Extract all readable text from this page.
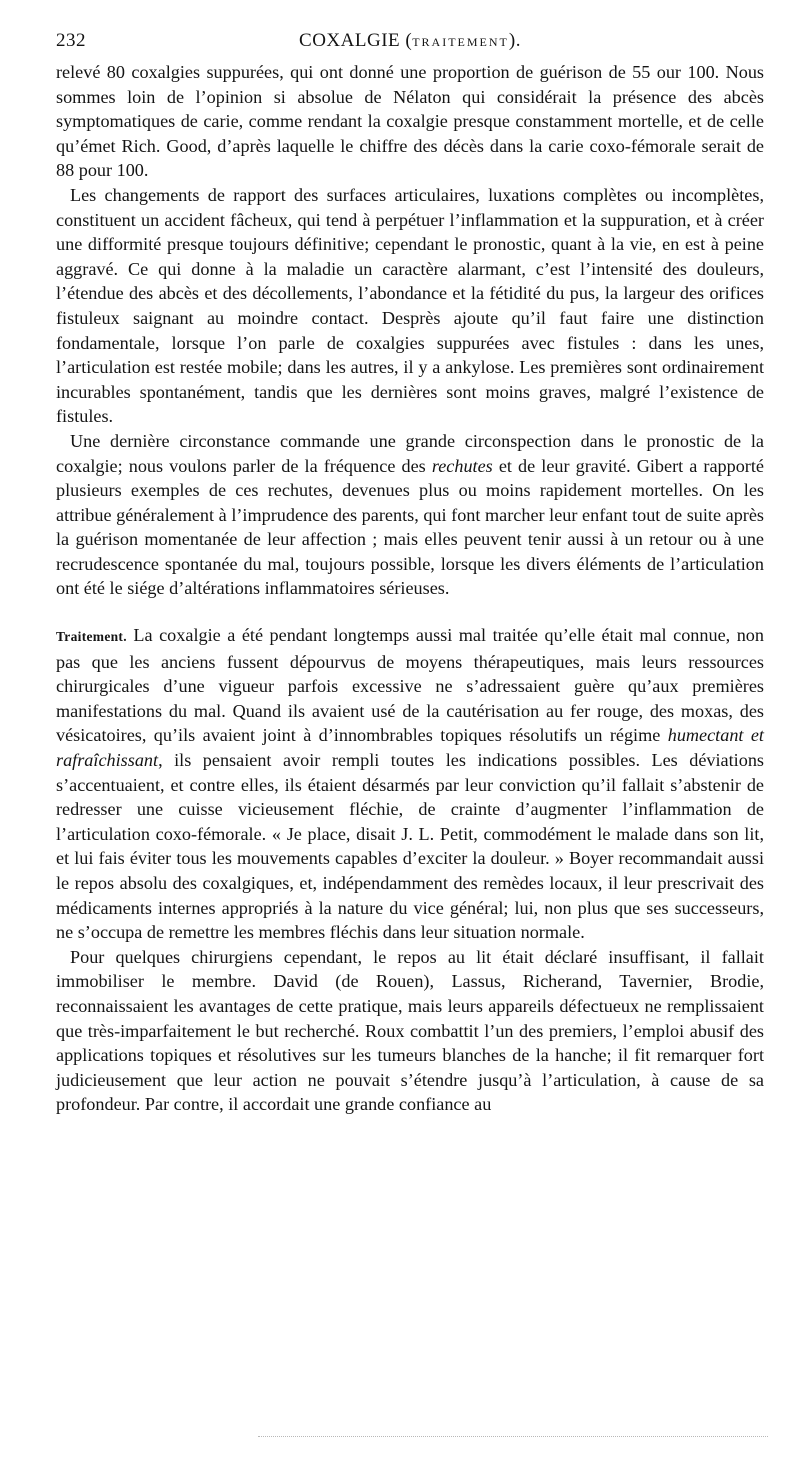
232	COXALGIE (TRAITEMENT).

relevé 80 coxalgies suppurées, qui ont donné une proportion de guérison de 55 our 100. Nous sommes loin de l’opinion si absolue de Nélaton qui considérait la présence des abcès symptomatiques de carie, comme rendant la coxalgie presque constamment mortelle, et de celle qu’émet Rich. Good, d’après laquelle le chiffre des décès dans la carie coxo-fémorale serait de 88 pour 100.

Les changements de rapport des surfaces articulaires, luxations complètes ou incomplètes, constituent un accident fâcheux, qui tend à perpétuer l’inflammation et la suppuration, et à créer une difformité presque toujours définitive; cependant le pronostic, quant à la vie, en est à peine aggravé. Ce qui donne à la maladie un caractère alarmant, c’est l’intensité des douleurs, l’étendue des abcès et des décollements, l’abondance et la fétidité du pus, la largeur des orifices fistuleux saignant au moindre contact. Desprès ajoute qu’il faut faire une distinction fondamentale, lorsque l’on parle de coxalgies suppurées avec fistules : dans les unes, l’articulation est restée mobile; dans les autres, il y a ankylose. Les premières sont ordinairement incurables spontanément, tandis que les dernières sont moins graves, malgré l’existence de fistules.

Une dernière circonstance commande une grande circonspection dans le pronostic de la coxalgie; nous voulons parler de la fréquence des rechutes et de leur gravité. Gibert a rapporté plusieurs exemples de ces rechutes, devenues plus ou moins rapidement mortelles. On les attribue généralement à l’imprudence des parents, qui font marcher leur enfant tout de suite après la guérison momentanée de leur affection ; mais elles peuvent tenir aussi à un retour ou à une recrudescence spontanée du mal, toujours possible, lorsque les divers éléments de l’articulation ont été le siége d’altérations inflammatoires sérieuses.

Traitement. La coxalgie a été pendant longtemps aussi mal traitée qu’elle était mal connue, non pas que les anciens fussent dépourvus de moyens thérapeutiques, mais leurs ressources chirurgicales d’une vigueur parfois excessive ne s’adressaient guère qu’aux premières manifestations du mal. Quand ils avaient usé de la cautérisation au fer rouge, des moxas, des vésicatoires, qu’ils avaient joint à d’innombrables topiques résolutifs un régime humectant et rafraîchissant, ils pensaient avoir rempli toutes les indications possibles. Les déviations s’accentuaient, et contre elles, ils étaient désarmés par leur conviction qu’il fallait s’abstenir de redresser une cuisse vicieusement fléchie, de crainte d’augmenter l’inflammation de l’articulation coxo-fémorale. « Je place, disait J. L. Petit, commodément le malade dans son lit, et lui fais éviter tous les mouvements capables d’exciter la douleur. » Boyer recommandait aussi le repos absolu des coxalgiques, et, indépendamment des remèdes locaux, il leur prescrivait des médicaments internes appropriés à la nature du vice général; lui, non plus que ses successeurs, ne s’occupa de remettre les membres fléchis dans leur situation normale.

Pour quelques chirurgiens cependant, le repos au lit était déclaré insuffisant, il fallait immobiliser le membre. David (de Rouen), Lassus, Richerand, Tavernier, Brodie, reconnaissaient les avantages de cette pratique, mais leurs appareils défectueux ne remplissaient que très-imparfaitement le but recherché. Roux combattit l’un des premiers, l’emploi abusif des applications topiques et résolutives sur les tumeurs blanches de la hanche; il fit remarquer fort judicieusement que leur action ne pouvait s’étendre jusqu’à l’articulation, à cause de sa profondeur. Par contre, il accordait une grande confiance au
